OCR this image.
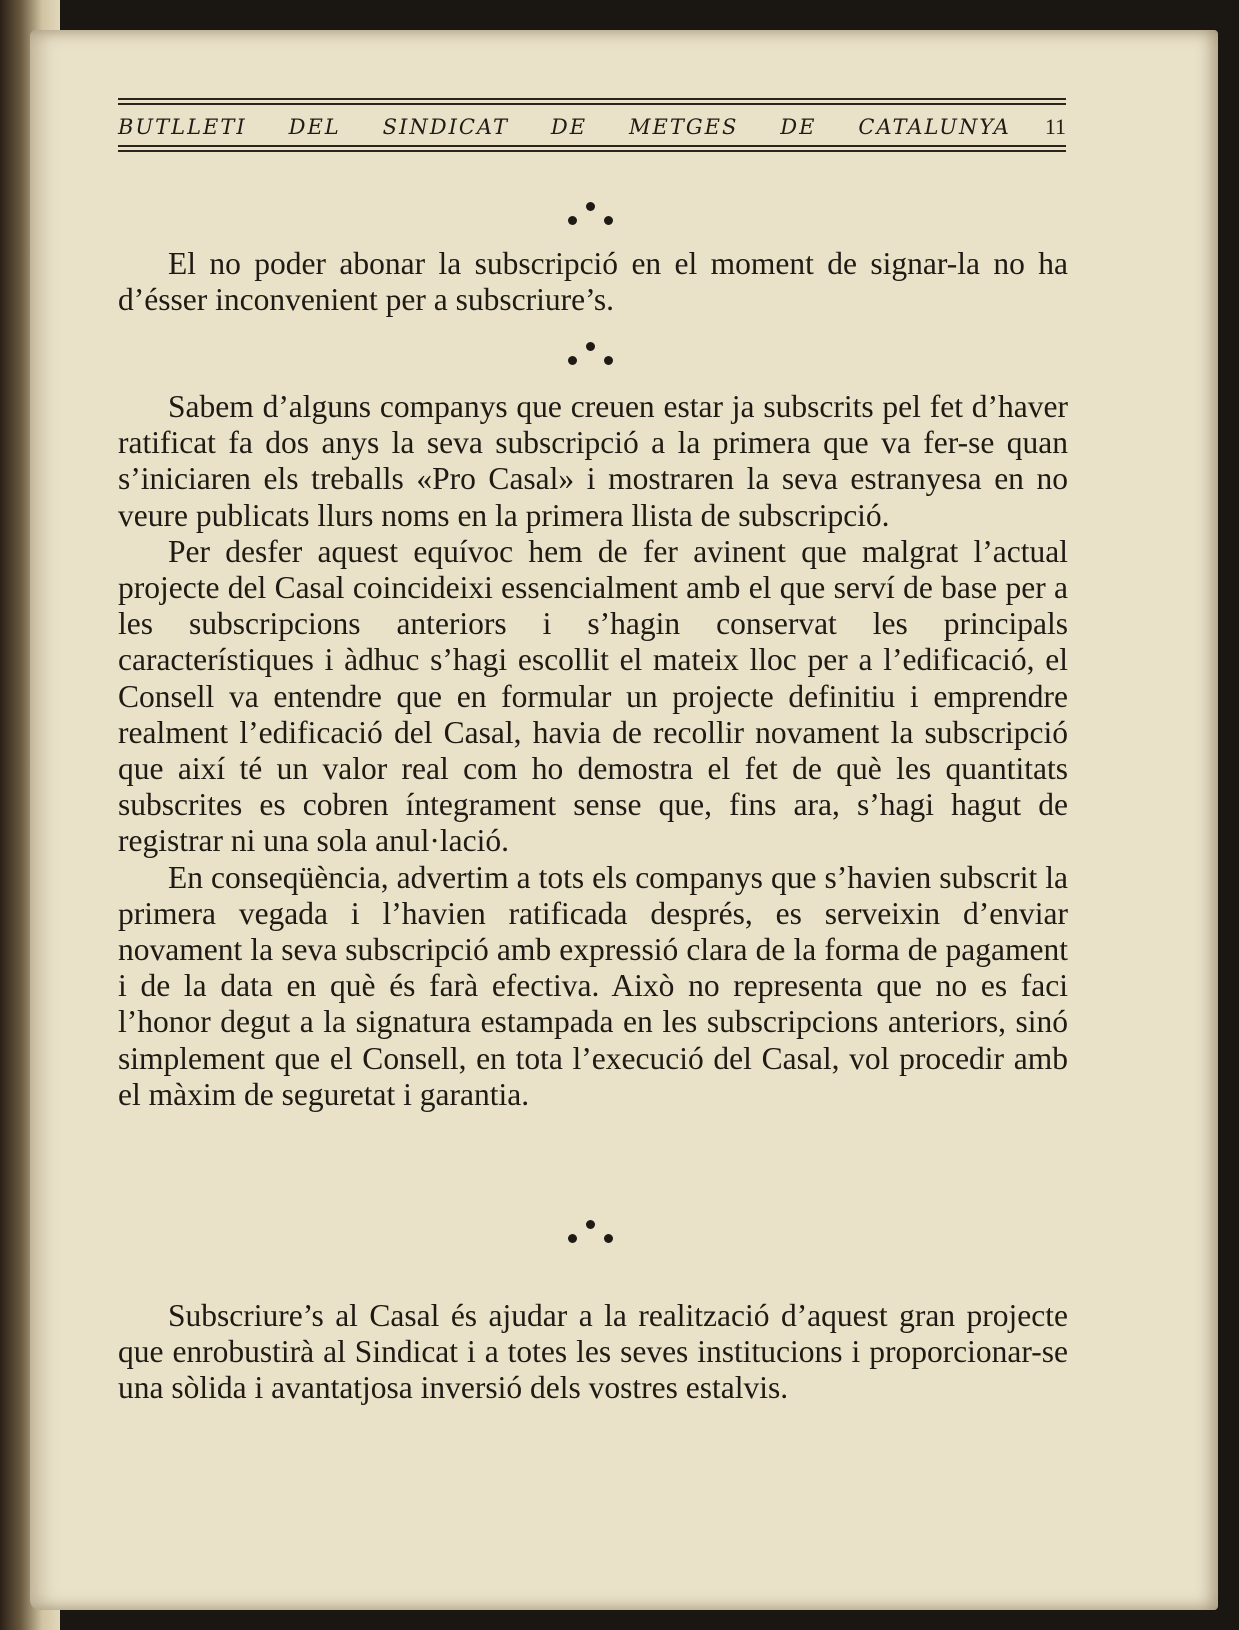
BUTLLETI DEL SINDICAT DE METGES DE CATALUNYA 11

El no poder abonar la subscripció en el moment de signar-la no ha d’ésser inconvenient per a subscriure’s.

Sabem d’alguns companys que creuen estar ja subscrits pel fet d’haver ratificat fa dos anys la seva subscripció a la primera que va fer-se quan s’iniciaren els treballs «Pro Casal» i mostraren la seva estranyesa en no veure publicats llurs noms en la primera llista de subscripció.

Per desfer aquest equívoc hem de fer avinent que malgrat l’actual projecte del Casal coincideixi essencialment amb el que serví de base per a les subscripcions anteriors i s’hagin conservat les principals característiques i àdhuc s’hagi escollit el mateix lloc per a l’edificació, el Consell va entendre que en formular un projecte definitiu i emprendre realment l’edificació del Casal, havia de recollir novament la subscripció que així té un valor real com ho demostra el fet de què les quantitats subscrites es cobren íntegrament sense que, fins ara, s’hagi hagut de registrar ni una sola anul·lació.

En conseqüència, advertim a tots els companys que s’havien subscrit la primera vegada i l’havien ratificada després, es serveixin d’enviar novament la seva subscripció amb expressió clara de la forma de pagament i de la data en què és farà efectiva. Això no representa que no es faci l’honor degut a la signatura estampada en les subscripcions anteriors, sinó simplement que el Consell, en tota l’execució del Casal, vol procedir amb el màxim de seguretat i garantia.

Subscriure’s al Casal és ajudar a la realització d’aquest gran projecte que enrobustirà al Sindicat i a totes les seves institucions i proporcionar-se una sòlida i avantatjosa inversió dels vostres estalvis.
